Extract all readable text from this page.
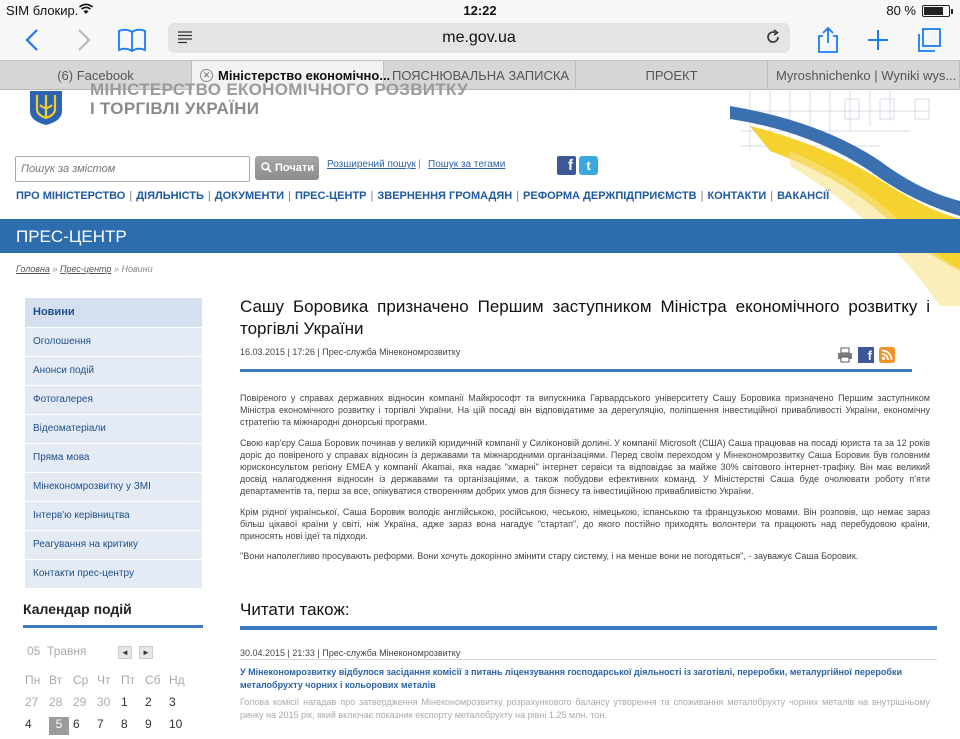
SIM блокир.	12:22	80 %
me.gov.ua
(6) Facebook	✕ Міністерство економічно... ПОЯСНЮВАЛЬНА ЗАПИСКА	ПРОЕКТ	Myroshnichenko | Wyniki wys...
МІНІСТЕРСТВО ЕКОНОМІЧНОГО РОЗВИТКУ
І ТОРГІВЛІ УКРАЇНИ
Пошук за змістом
Почати	Розширений пошук | Пошук за тегами	f	t
ПРО МІНІСТЕРСТВО | ДІЯЛЬНІСТЬ | ДОКУМЕНТИ | ПРЕС-ЦЕНТР | ЗВЕРНЕННЯ ГРОМАДЯН | РЕФОРМА ДЕРЖПІДПРИЄМСТВ | КОНТАКТИ | ВАКАНСІЇ
ПРЕС-ЦЕНТР
Головна » Прес-центр » Новини
Новини
Оголошення
Анонси подій
Фотогалерея
Відеоматеріали
Пряма мова
Мінекономрозвитку у ЗМІ
Інтерв'ю керівництва
Реагування на критику
Контакти прес-центру
Календар подій
05 Травня	◄	►
Пн Вт Ср Чт Пт Сб Нд
27 28 29 30 1	2	3
4	5 6	7	8	9	10
Сашу Боровика призначено Першим заступником Міністра економічного розвитку і торгівлі України
16.03.2015 | 17:26 | Прес-служба Мінекономрозвитку	f

Повіреного у справах державних відносин компанії Майкрософт та випускника Гарвардського університету Сашу Боровика призначено Першим заступником Міністра економічного розвитку і торгівлі України. На цій посаді він відповідатиме за дерегуляцію, поліпшення інвестиційної привабливості України, економічну стратегію та міжнародні донорські програми.

Свою кар'єру Саша Боровик починав у великій юридичній компанії у Силіконовій долині. У компанії Microsoft (США) Саша працював на посаді юриста та за 12 років доріс до повіреного у справах відносин із державами та міжнародними організаціями. Перед своїм переходом у Мінекономрозвитку Саша Боровик був головним юрисконсультом регіону EMEA у компанії Akamai, яка надає "хмарні" інтернет сервіси та відповідає за майже 30% світового інтернет-трафіку. Він має великий досвід налагодження відносин із державами та організаціями, а також побудови ефективних команд. У Міністерстві Саша буде очолювати роботу п'яти департаментів та, перш за все, опікуватися створенням добрих умов для бізнесу та інвестиційною привабливістю України.

Крім рідної української, Саша Боровик володіє англійською, російською, чеською, німецькою, іспанською та французькою мовами. Він розповів, що немає зараз більш цікавої країни у світі, ніж Україна, адже зараз вона нагадує "стартап", до якого постійно приходять волонтери та працюють над перебудовою країни, приносять нові ідеї та підходи.

"Вони наполегливо просувають реформи. Вони хочуть докорінно змінити стару систему, і на менше вони не погодяться", - зауважує Саша Боровик.

Читати також:
30.04.2015 | 21:33 | Прес-служба Мінекономрозвитку
У Мінекономрозвитку відбулося засідання комісії з питань ліцензування господарської діяльності із заготівлі, переробки, металургійної переробки металобрухту чорних і кольорових металів
Голова комісії нагадав про затвердження Мінекономрозвитку розрахункового балансу утворення та споживання металобрухту чорних металів на внутрішньому ринку на 2015 рік, який включає показник експорту металобрухту на рівні 1,25 млн. тон.
